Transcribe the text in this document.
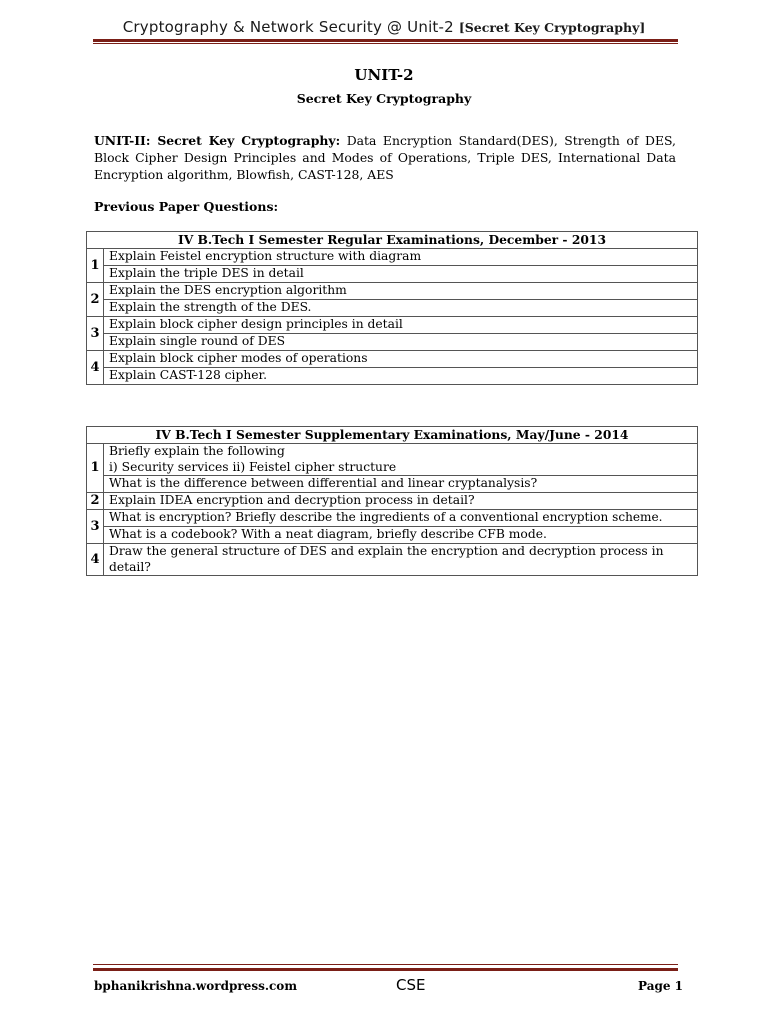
Cryptography & Network Security @ Unit-2 [Secret Key Cryptography]
UNIT-2
Secret Key Cryptography
UNIT-II: Secret Key Cryptography: Data Encryption Standard(DES), Strength of DES, Block Cipher Design Principles and Modes of Operations, Triple DES, International Data Encryption algorithm, Blowfish, CAST-128, AES
Previous Paper Questions:
IV B.Tech I Semester Regular Examinations, December - 2013	
1	Explain Feistel encryption structure with diagram
	Explain the triple DES in detail
2	Explain the DES encryption algorithm
	Explain the strength of the DES.
3	Explain block cipher design principles in detail
	Explain single round of DES
4	Explain block cipher modes of operations
	Explain CAST-128 cipher.
IV B.Tech I Semester Supplementary Examinations, May/June - 2014	
1	Briefly explain the following
i) Security services ii) Feistel cipher structure
	What is the difference between differential and linear cryptanalysis?
2	Explain IDEA encryption and decryption process in detail?
3	What is encryption? Briefly describe the ingredients of a conventional encryption scheme.
	What is a codebook? With a neat diagram, briefly describe CFB mode.
4	Draw the general structure of DES and explain the encryption and decryption process in detail?
bphanikrishna.wordpress.com	CSE	Page 1
